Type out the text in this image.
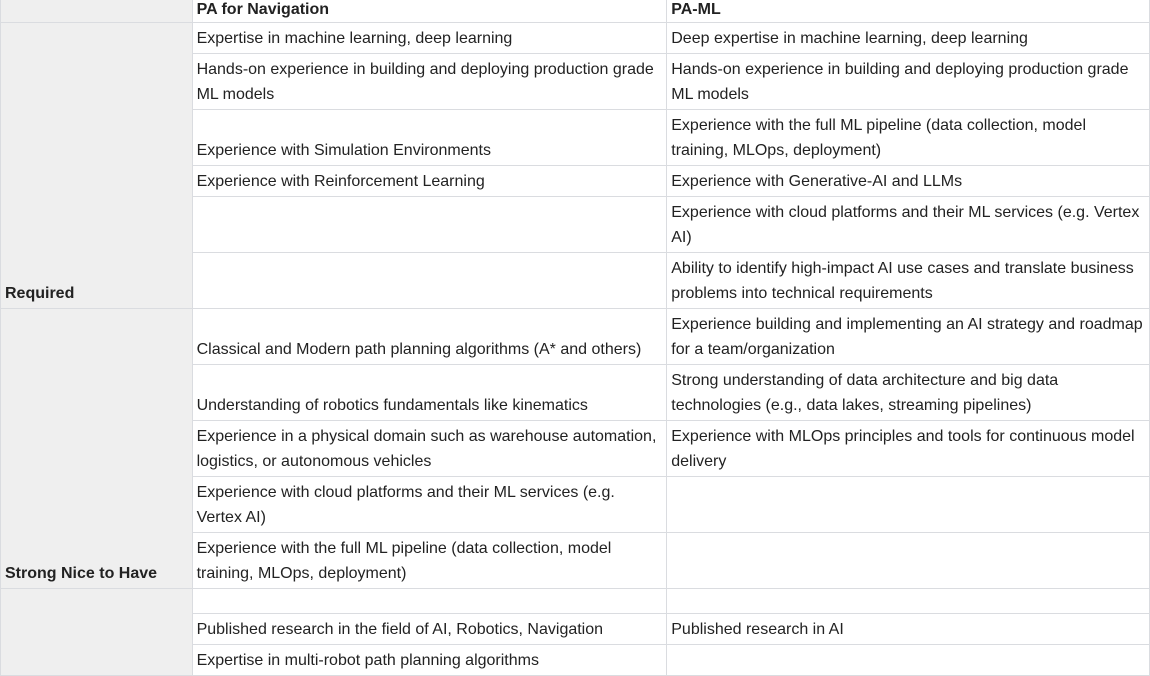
	PA for Navigation	PA-ML
Required	Expertise in machine learning, deep learning	Deep expertise in machine learning, deep learning
	Hands-on experience in building and deploying production grade ML models	Hands-on experience in building and deploying production grade ML models
	Experience with Simulation Environments	Experience with the full ML pipeline (data collection, model training, MLOps, deployment)
	Experience with Reinforcement Learning	Experience with Generative-AI and LLMs
		Experience with cloud platforms and their ML services (e.g. Vertex AI)
		Ability to identify high-impact AI use cases and translate business problems into technical requirements
Strong Nice to Have	Classical and Modern path planning algorithms (A* and others)	Experience building and implementing an AI strategy and roadmap for a team/organization
	Understanding of robotics fundamentals like kinematics	Strong understanding of data architecture and big data technologies (e.g., data lakes, streaming pipelines)
	Experience in a physical domain such as warehouse automation, logistics, or autonomous vehicles	Experience with MLOps principles and tools for continuous model delivery
	Experience with cloud platforms and their ML services (e.g. Vertex AI)	
	Experience with the full ML pipeline (data collection, model training, MLOps, deployment)	

	Published research in the field of AI, Robotics, Navigation	Published research in AI
	Expertise in multi-robot path planning algorithms	
